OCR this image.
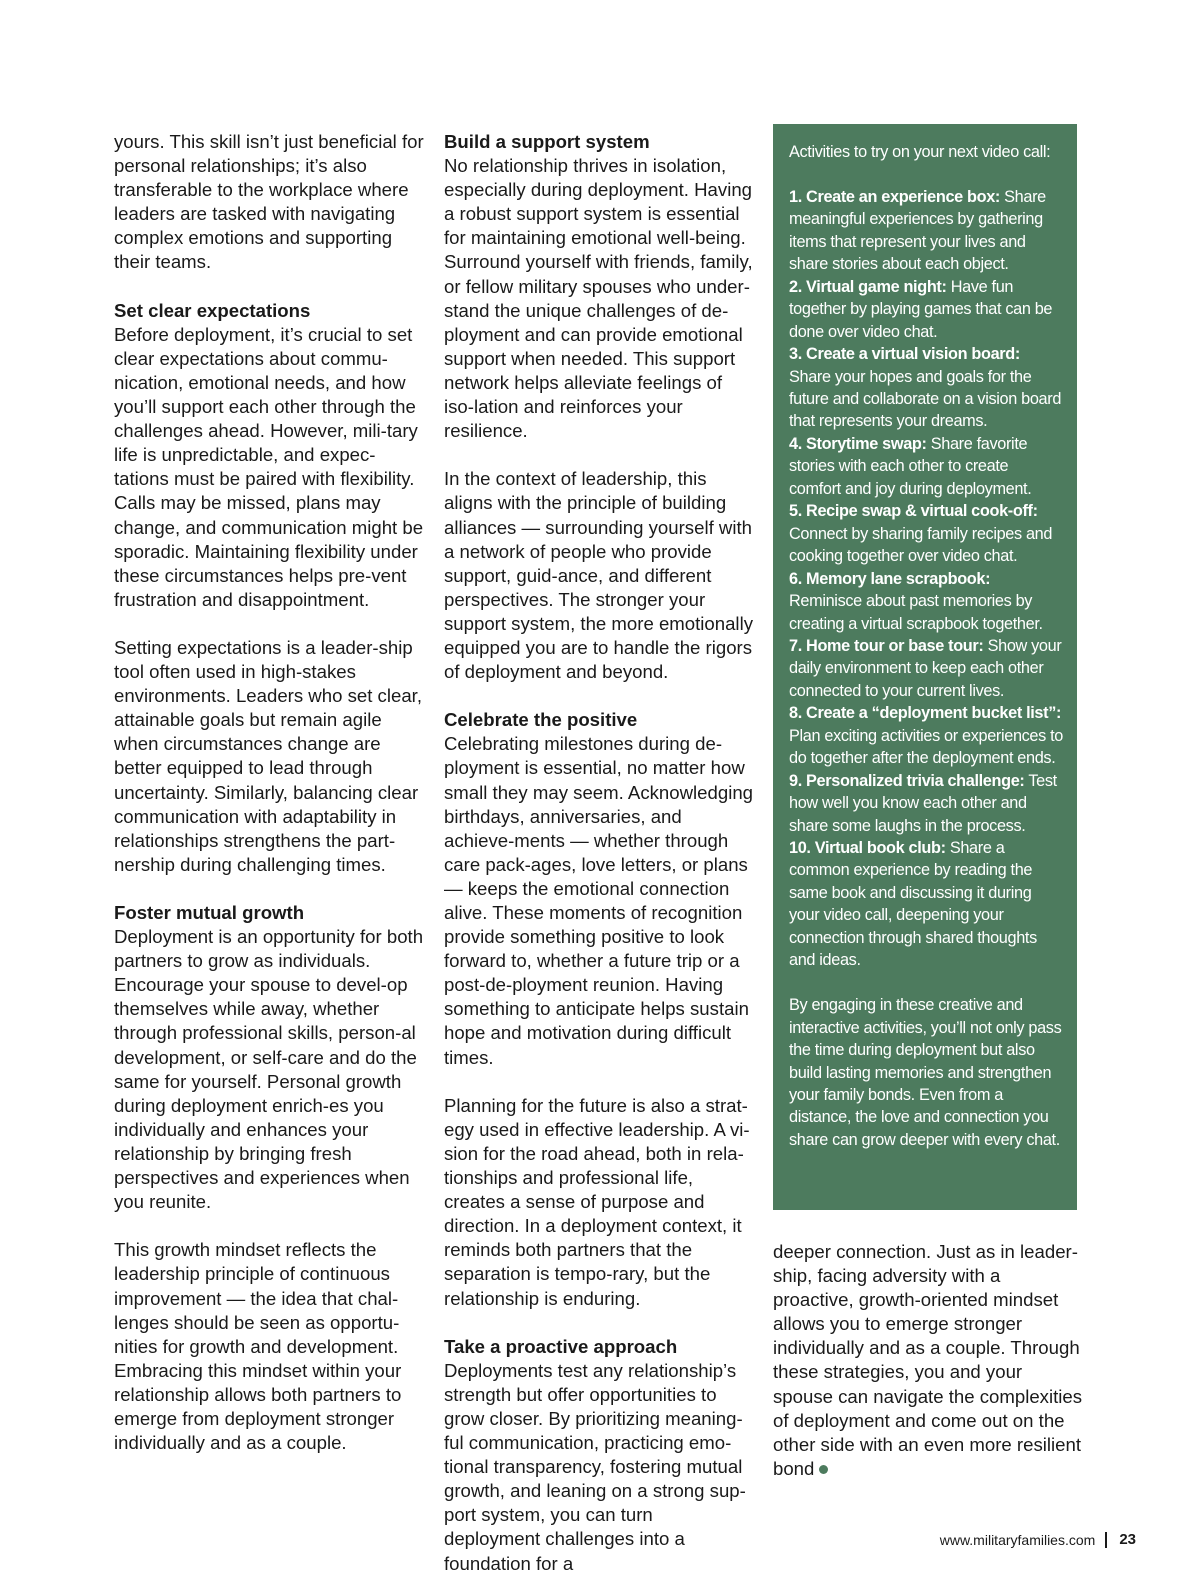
yours. This skill isn’t just beneficial for personal relationships; it’s also transferable to the workplace where leaders are tasked with navigating complex emotions and supporting their teams.

Set clear expectations

Before deployment, it’s crucial to set clear expectations about commu-nication, emotional needs, and how you’ll support each other through the challenges ahead. However, mili-tary life is unpredictable, and expec-tations must be paired with flexibility. Calls may be missed, plans may change, and communication might be sporadic. Maintaining flexibility under these circumstances helps pre-vent frustration and disappointment.

Setting expectations is a leader-ship tool often used in high-stakes environments. Leaders who set clear, attainable goals but remain agile when circumstances change are better equipped to lead through uncertainty. Similarly, balancing clear communication with adaptability in relationships strengthens the part-nership during challenging times.

Foster mutual growth

Deployment is an opportunity for both partners to grow as individuals. Encourage your spouse to devel-op themselves while away, whether through professional skills, person-al development, or self-care and do the same for yourself. Personal growth during deployment enrich-es you individually and enhances your relationship by bringing fresh perspectives and experiences when you reunite.

This growth mindset reflects the leadership principle of continuous improvement — the idea that chal-lenges should be seen as opportu-nities for growth and development. Embracing this mindset within your relationship allows both partners to emerge from deployment stronger individually and as a couple.

Build a support system

No relationship thrives in isolation, especially during deployment. Having a robust support system is essential for maintaining emotional well-being. Surround yourself with friends, family, or fellow military spouses who under-stand the unique challenges of de-ployment and can provide emotional support when needed. This support network helps alleviate feelings of iso-lation and reinforces your resilience.

In the context of leadership, this aligns with the principle of building alliances — surrounding yourself with a network of people who provide support, guid-ance, and different perspectives. The stronger your support system, the more emotionally equipped you are to handle the rigors of deployment and beyond.

Celebrate the positive

Celebrating milestones during de-ployment is essential, no matter how small they may seem. Acknowledging birthdays, anniversaries, and achieve-ments — whether through care pack-ages, love letters, or plans — keeps the emotional connection alive. These moments of recognition provide something positive to look forward to, whether a future trip or a post-de-ployment reunion. Having something to anticipate helps sustain hope and motivation during difficult times.

Planning for the future is also a strat-egy used in effective leadership. A vi-sion for the road ahead, both in rela-tionships and professional life, creates a sense of purpose and direction. In a deployment context, it reminds both partners that the separation is tempo-rary, but the relationship is enduring.

Take a proactive approach

Deployments test any relationship’s strength but offer opportunities to grow closer. By prioritizing meaning-ful communication, practicing emo-tional transparency, fostering mutual growth, and leaning on a strong sup-port system, you can turn deployment challenges into a foundation for a

Activities to try on your next video call:

1. Create an experience box: Share meaningful experiences by gathering items that represent your lives and share stories about each object.

2. Virtual game night: Have fun together by playing games that can be done over video chat.

3. Create a virtual vision board: Share your hopes and goals for the future and collaborate on a vision board that represents your dreams.

4. Storytime swap: Share favorite stories with each other to create comfort and joy during deployment.

5. Recipe swap & virtual cook-off: Connect by sharing family recipes and cooking together over video chat.

6. Memory lane scrapbook: Reminisce about past memories by creating a virtual scrapbook together.

7. Home tour or base tour: Show your daily environment to keep each other connected to your current lives.

8. Create a “deployment bucket list”: Plan exciting activities or experiences to do together after the deployment ends.

9. Personalized trivia challenge: Test how well you know each other and share some laughs in the process.

10. Virtual book club: Share a common experience by reading the same book and discussing it during your video call, deepening your connection through shared thoughts and ideas.

By engaging in these creative and interactive activities, you’ll not only pass the time during deployment but also build lasting memories and strengthen your family bonds. Even from a distance, the love and connection you share can grow deeper with every chat.

deeper connection. Just as in leader-ship, facing adversity with a proactive, growth-oriented mindset allows you to emerge stronger individually and as a couple. Through these strategies, you and your spouse can navigate the complexities of deployment and come out on the other side with an even more resilient bond

www.militaryfamilies.com 23
